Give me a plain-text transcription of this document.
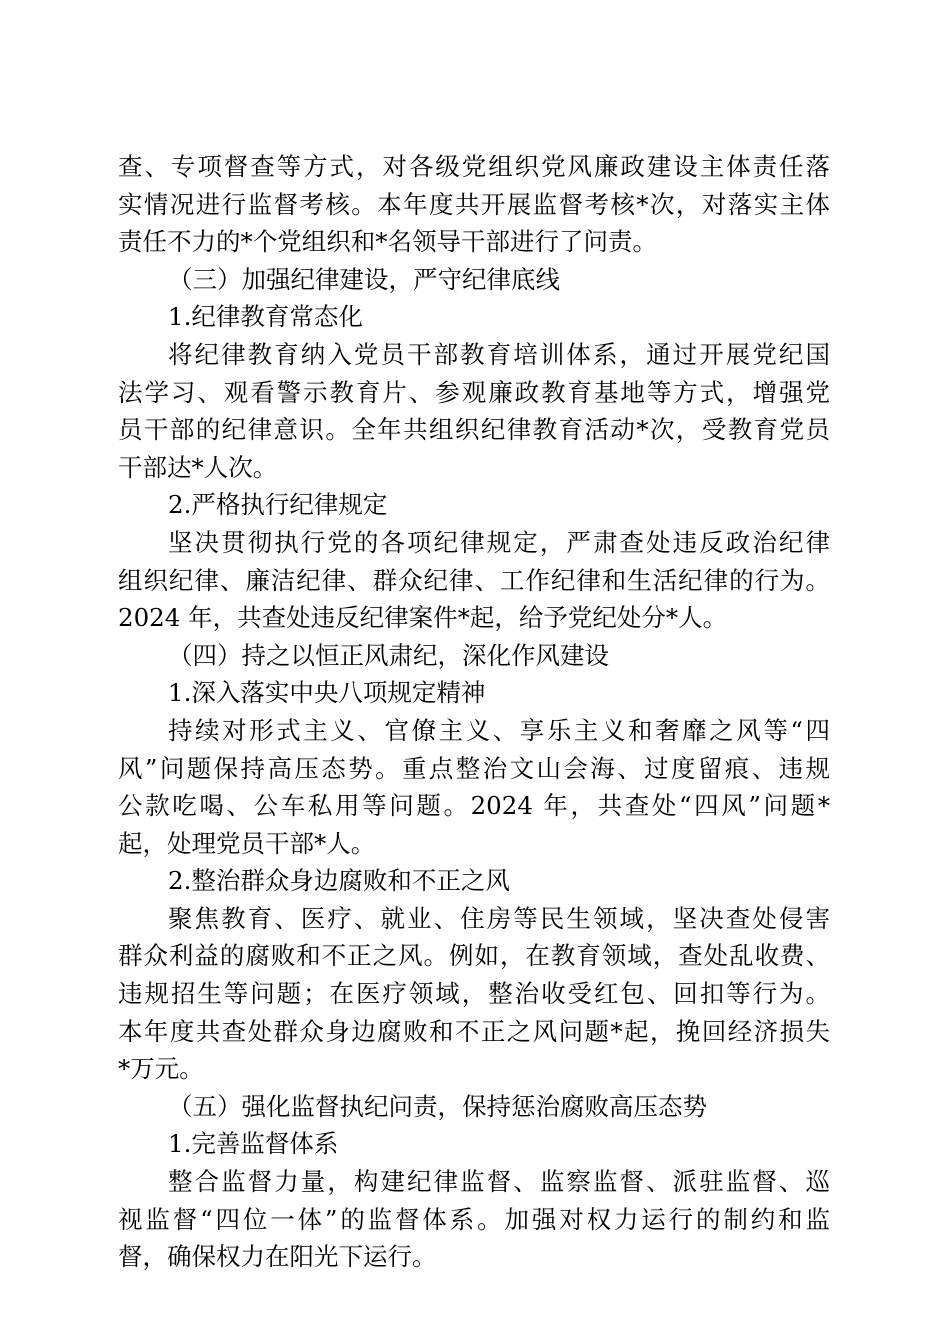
查、专项督查等方式，对各级党组织党风廉政建设主体责任落
实情况进行监督考核。本年度共开展监督考核*次，对落实主体
责任不力的*个党组织和*名领导干部进行了问责。
（三）加强纪律建设，严守纪律底线
1.纪律教育常态化
将纪律教育纳入党员干部教育培训体系，通过开展党纪国
法学习、观看警示教育片、参观廉政教育基地等方式，增强党
员干部的纪律意识。全年共组织纪律教育活动*次，受教育党员
干部达*人次。
2.严格执行纪律规定
坚决贯彻执行党的各项纪律规定，严肃查处违反政治纪律
组织纪律、廉洁纪律、群众纪律、工作纪律和生活纪律的行为。
2024 年，共查处违反纪律案件*起，给予党纪处分*人。
（四）持之以恒正风肃纪，深化作风建设
1.深入落实中央八项规定精神
持续对形式主义、官僚主义、享乐主义和奢靡之风等“四
风”问题保持高压态势。重点整治文山会海、过度留痕、违规
公款吃喝、公车私用等问题。2024 年，共查处“四风”问题*
起，处理党员干部*人。
2.整治群众身边腐败和不正之风
聚焦教育、医疗、就业、住房等民生领域，坚决查处侵害
群众利益的腐败和不正之风。例如，在教育领域，查处乱收费、
违规招生等问题；在医疗领域，整治收受红包、回扣等行为。
本年度共查处群众身边腐败和不正之风问题*起，挽回经济损失
*万元。
（五）强化监督执纪问责，保持惩治腐败高压态势
1.完善监督体系
整合监督力量，构建纪律监督、监察监督、派驻监督、巡
视监督“四位一体”的监督体系。加强对权力运行的制约和监
督，确保权力在阳光下运行。
